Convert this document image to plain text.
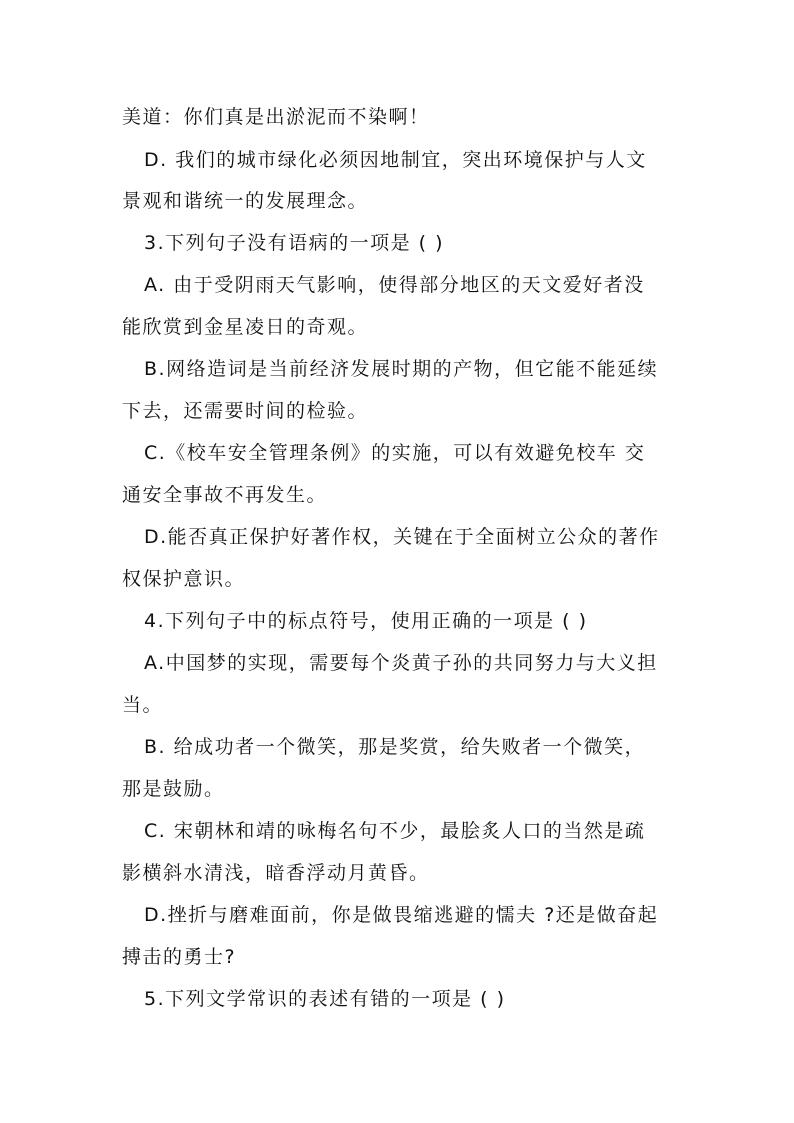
美道：你们真是出淤泥而不染啊！
D. 我们的城市绿化必须因地制宜，突出环境保护与人文
景观和谐统一的发展理念。
3.下列句子没有语病的一项是 ( )
A. 由于受阴雨天气影响，使得部分地区的天文爱好者没
能欣赏到金星凌日的奇观。
B.网络造词是当前经济发展时期的产物，但它能不能延续
下去，还需要时间的检验。
C.《校车安全管理条例》的实施，可以有效避免校车 交
通安全事故不再发生。
D.能否真正保护好著作权，关键在于全面树立公众的著作
权保护意识。
4.下列句子中的标点符号，使用正确的一项是 ( )
A.中国梦的实现，需要每个炎黄子孙的共同努力与大义担
当。
B. 给成功者一个微笑，那是奖赏，给失败者一个微笑，
那是鼓励。
C. 宋朝林和靖的咏梅名句不少，最脍炙人口的当然是疏
影横斜水清浅，暗香浮动月黄昏。
D.挫折与磨难面前，你是做畏缩逃避的懦夫 ?还是做奋起
搏击的勇士?
5.下列文学常识的表述有错的一项是 ( )
